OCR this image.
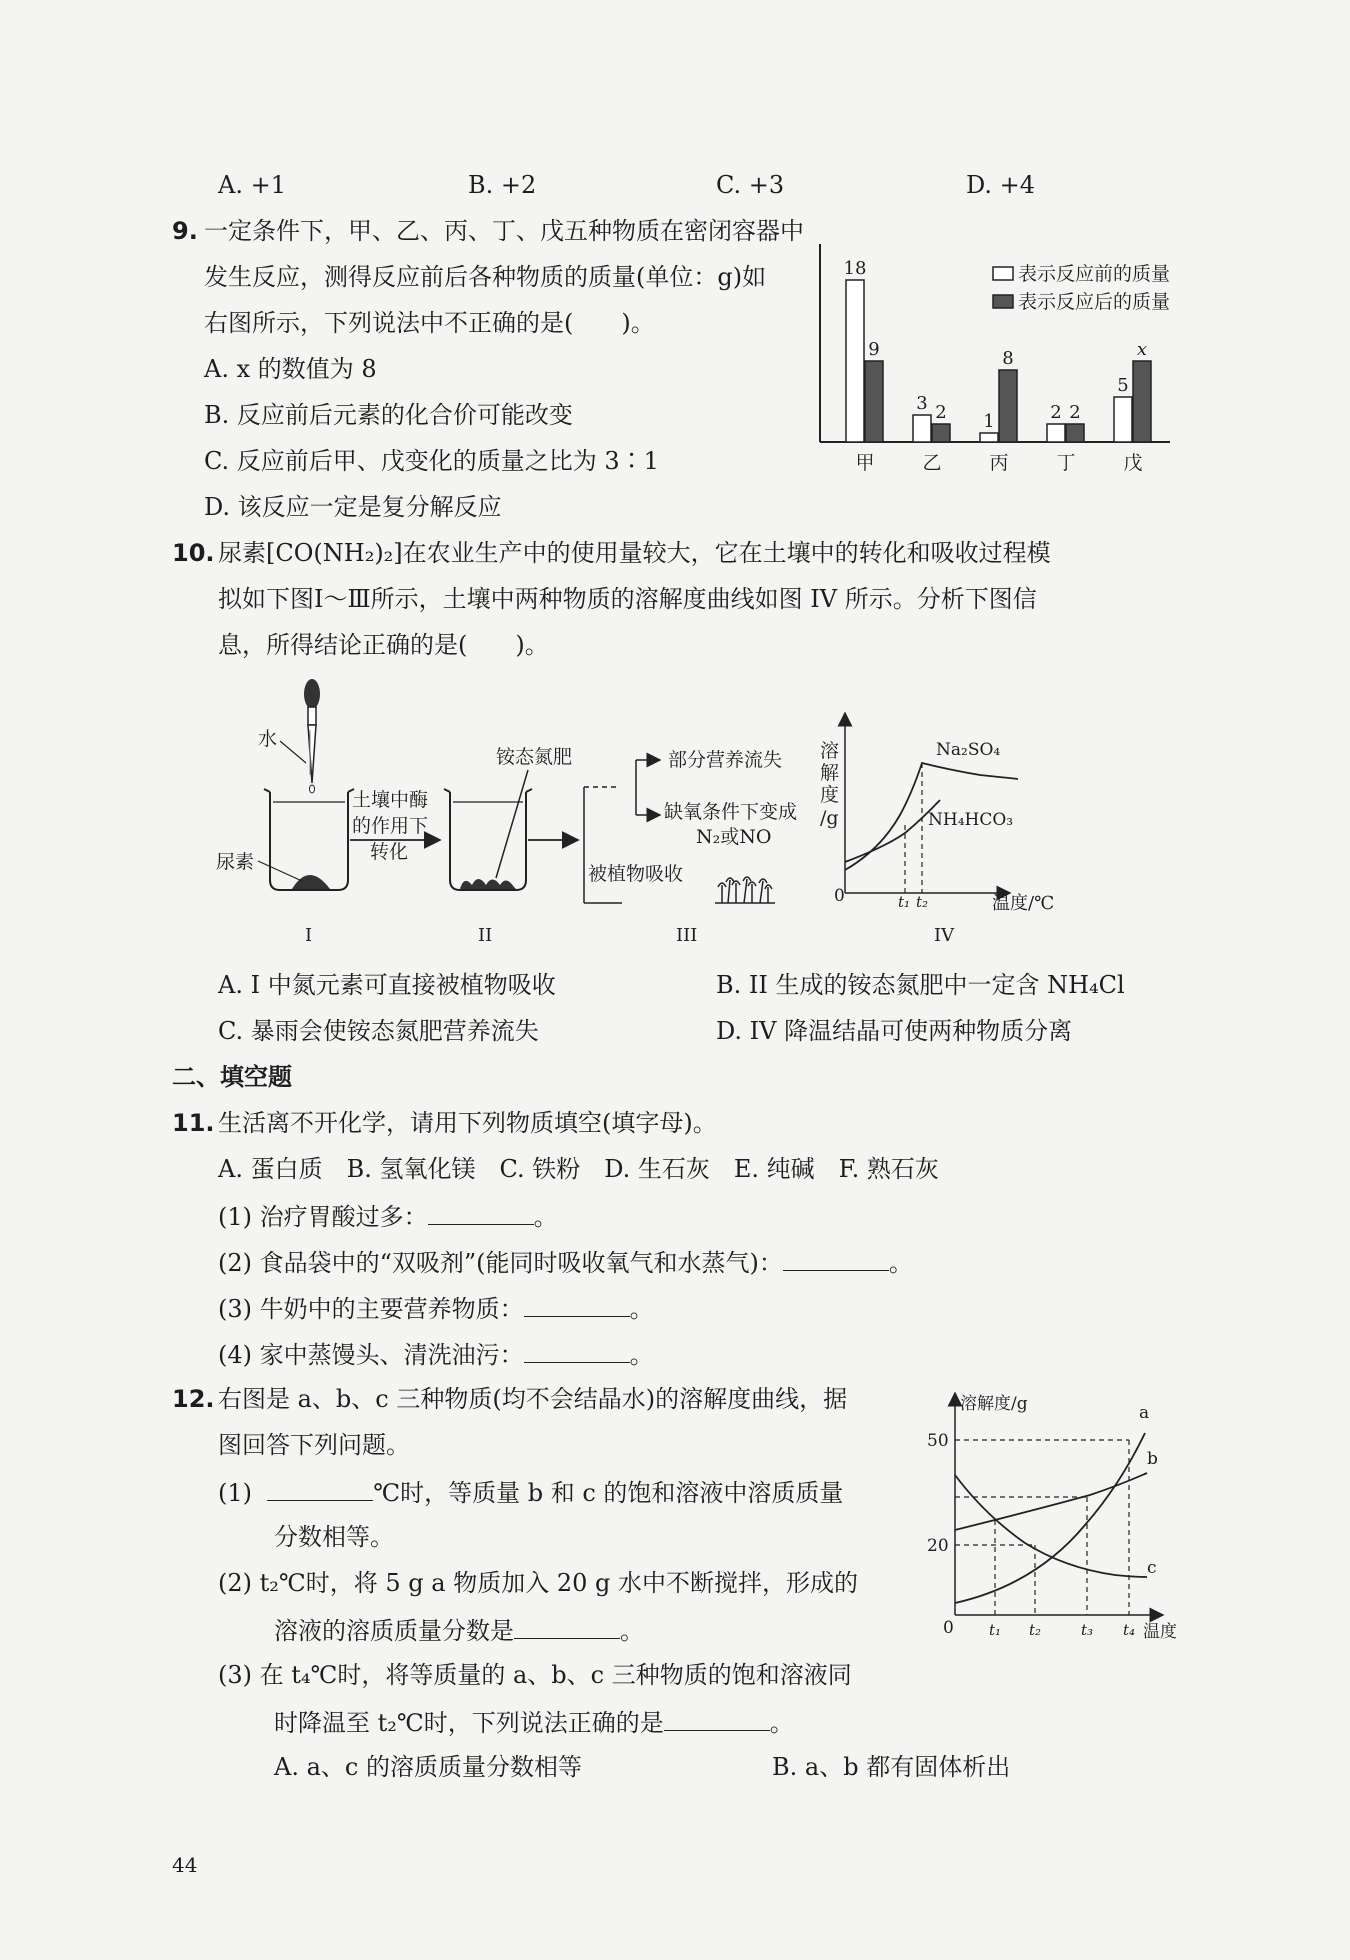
A. +1	B. +2	C. +3	D. +4
9. 一定条件下，甲、乙、丙、丁、戊五种物质在密闭容器中
发生反应，测得反应前后各种物质的质量(单位：g)如
右图所示，下列说法中不正确的是(　　)。
A. x 的数值为 8
B. 反应前后元素的化合价可能改变
C. 反应前后甲、戊变化的质量之比为 3∶1
D. 该反应一定是复分解反应
18
9
甲
3 2
乙
1
8
丙
2 2
丁
5
x
戊
表示反应前的质量
表示反应后的质量
10. 尿素[CO(NH₂)₂]在农业生产中的使用量较大，它在土壤中的转化和吸收过程模
拟如下图Ⅰ～Ⅲ所示，土壤中两种物质的溶解度曲线如图 IV 所示。分析下图信
息，所得结论正确的是(　　)。
水
尿素
土壤中酶
的作用下
转化
铵态氮肥	部分营养流失
缺氧条件下变成
N₂或NO
被植物吸收
溶
解
度
/g
0	t₁ t₂	温度/℃
Na₂SO₄
NH₄HCO₃
I	II	III	IV
A. I 中氮元素可直接被植物吸收	B. II 生成的铵态氮肥中一定含 NH₄Cl
C. 暴雨会使铵态氮肥营养流失	D. IV 降温结晶可使两种物质分离
二、填空题
11. 生活离不开化学，请用下列物质填空(填字母)。
A. 蛋白质　B. 氢氧化镁　C. 铁粉　D. 生石灰　E. 纯碱　F. 熟石灰
(1) 治疗胃酸过多：	。
(2) 食品袋中的“双吸剂”(能同时吸收氧气和水蒸气)：	。
(3) 牛奶中的主要营养物质：	。
(4) 家中蒸馒头、清洗油污：	。
12. 右图是 a、b、c 三种物质(均不会结晶水)的溶解度曲线，据
图回答下列问题。
(1)	℃时，等质量 b 和 c 的饱和溶液中溶质质量
分数相等。
(2) t₂℃时，将 5 g a 物质加入 20 g 水中不断搅拌，形成的
溶液的溶质质量分数是	。
(3) 在 t₄℃时，将等质量的 a、b、c 三种物质的饱和溶液同
时降温至 t₂℃时，下列说法正确的是	。
A. a、c 的溶质质量分数相等	B. a、b 都有固体析出
溶解度/g
50
20
0 t₁ t₂	t₃ t₄ 温度
a
b
c
44
